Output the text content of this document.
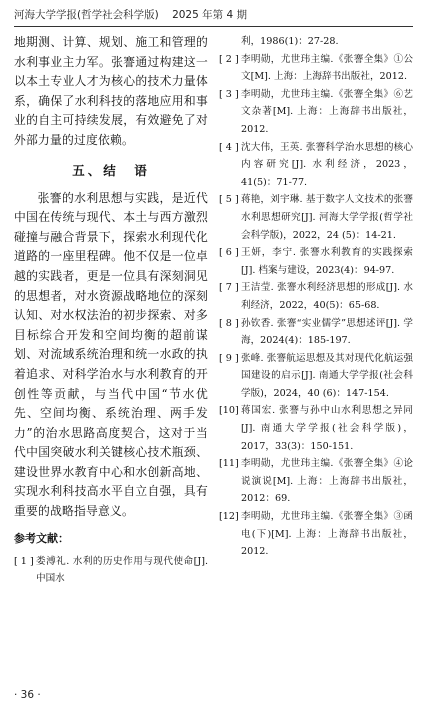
河海大学学报(哲学社会科学版) 2025 年第 4 期

地期测、计算、规划、施工和管理的水利事业主力军。张謇通过构建这一以本土专业人才为核心的技术力量体系，确保了水利科技的落地应用和事业的自主可持续发展，有效避免了对外部力量的过度依赖。

五、结　语

张謇的水利思想与实践，是近代中国在传统与现代、本土与西方激烈碰撞与融合背景下，探索水利现代化道路的一座里程碑。他不仅是一位卓越的实践者，更是一位具有深刻洞见的思想者，对水资源战略地位的深刻认知、对水权法治的初步探索、对多目标综合开发和空间均衡的超前谋划、对流域系统治理和统一水政的执着追求、对科学治水与水利教育的开创性等贡献，与当代中国“节水优先、空间均衡、系统治理、两手发力”的治水思路高度契合，这对于当代中国突破水利关键核心技术瓶颈、建设世界水教育中心和水创新高地、实现水利科技高水平自立自强，具有重要的战略指导意义。

参考文献：
[ 1 ] 娄溥礼. 水利的历史作用与现代使命[J]. 中国水
利，1986(1)：27-28.
[ 2 ] 李明勋，尤世玮主编.《张謇全集》①公文[M]. 上海：上海辞书出版社，2012.
[ 3 ] 李明勋，尤世玮主编.《张謇全集》⑥艺文杂著[M]. 上海：上海辞书出版社，2012.
[ 4 ] 沈大伟，王英. 张謇科学治水思想的核心内容研究[J]. 水利经济，2023，41(5)：71-77.
[ 5 ] 蒋艳，刘宇琳. 基于数字人文技术的张謇水利思想研究[J]. 河海大学学报(哲学社会科学版)，2022，24 (5)：14-21.
[ 6 ] 王妍，李宁. 张謇水利教育的实践探索[J]. 档案与建设，2023(4)：94-97.
[ 7 ] 王洁莹. 张謇水利经济思想的形成[J]. 水利经济，2022，40(5)：65-68.
[ 8 ] 孙钦香. 张謇“实业儒学”思想述评[J]. 学海，2024(4)：185-197.
[ 9 ] 张峰. 张謇航运思想及其对现代化航运强国建设的启示[J]. 南通大学学报(社会科学版)，2024，40 (6)：147-154.
[10] 蒋国宏. 张謇与孙中山水利思想之异同[J]. 南通大学学报(社会科学版)，2017，33(3)：150-151.
[11] 李明勋，尤世玮主编.《张謇全集》④论说演说[M]. 上海：上海辞书出版社，2012：69.
[12] 李明勋，尤世玮主编.《张謇全集》③函电(下)[M]. 上海：上海辞书出版社，2012.
· 36 ·
